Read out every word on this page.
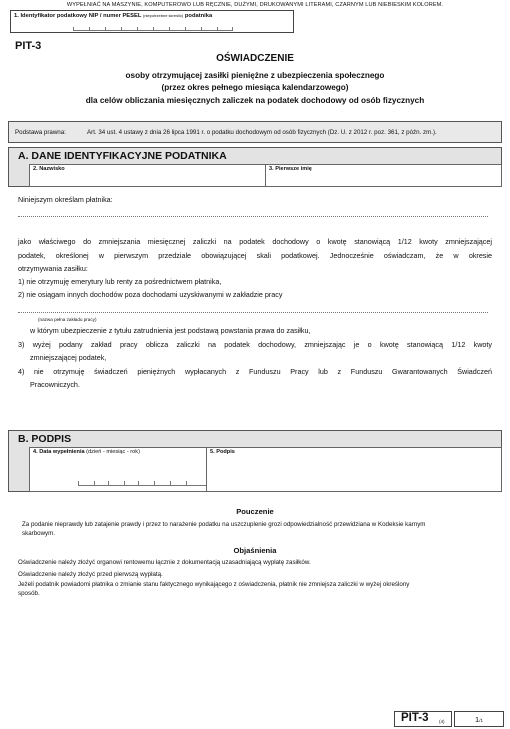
WYPEŁNIAĆ NA MASZYNIE, KOMPUTEROWO LUB RĘCZNIE, DUŻYMI, DRUKOWANYMI LITERAMI, CZARNYM LUB NIEBIESKIM KOLOREM.
1. Identyfikator podatkowy NIP / numer PESEL (niepotrzebne skreślić) podatnika
PIT-3
OŚWIADCZENIE
osoby otrzymującej zasiłki pieniężne z ubezpieczenia społecznego
(przez okres pełnego miesiąca kalendarzowego)
dla celów obliczania miesięcznych zaliczek na podatek dochodowy od osób fizycznych
Podstawa prawna:	Art. 34 ust. 4 ustawy z dnia 26 lipca 1991 r. o podatku dochodowym od osób fizycznych (Dz. U. z 2012 r. poz. 361, z późn. zm.).
A. DANE IDENTYFIKACYJNE PODATNIKA
2. Nazwisko	3. Pierwsze imię
Niniejszym określam płatnika:
jako właściwego do zmniejszania miesięcznej zaliczki na podatek dochodowy o kwotę stanowiącą 1/12 kwoty zmniejszającej
podatek, określonej w pierwszym przedziale obowiązującej skali podatkowej. Jednocześnie oświadczam, że w okresie
otrzymywania zasiłku:
1) nie otrzymuję emerytury lub renty za pośrednictwem płatnika,
2) nie osiągam innych dochodów poza dochodami uzyskiwanymi w zakładzie pracy
(nazwa pełna zakładu pracy)
w którym ubezpieczenie z tytułu zatrudnienia jest podstawą powstania prawa do zasiłku,
3) wyżej podany zakład pracy oblicza zaliczki na podatek dochodowy, zmniejszając je o kwotę stanowiącą 1/12 kwoty
zmniejszającej podatek,
4) nie otrzymuję świadczeń pieniężnych wypłacanych z Funduszu Pracy lub z Funduszu Gwarantowanych Świadczeń
Pracowniczych.
B. PODPIS
4. Data wypełnienia (dzień - miesiąc - rok)	5. Podpis
Pouczenie
Za podanie nieprawdy lub zatajenie prawdy i przez to narażenie podatku na uszczuplenie grozi odpowiedzialność przewidziana w Kodeksie karnym
skarbowym.
Objaśnienia
Oświadczenie należy złożyć organowi rentowemu łącznie z dokumentacją uzasadniającą wypłatę zasiłków.
Oświadczenie należy złożyć przed pierwszą wypłatą.
Jeżeli podatnik powiadomi płatnika o zmianie stanu faktycznego wynikającego z oświadczenia, płatnik nie zmniejsza zaliczki w wyżej określony
sposób.
PIT-3 (4)	1/1
